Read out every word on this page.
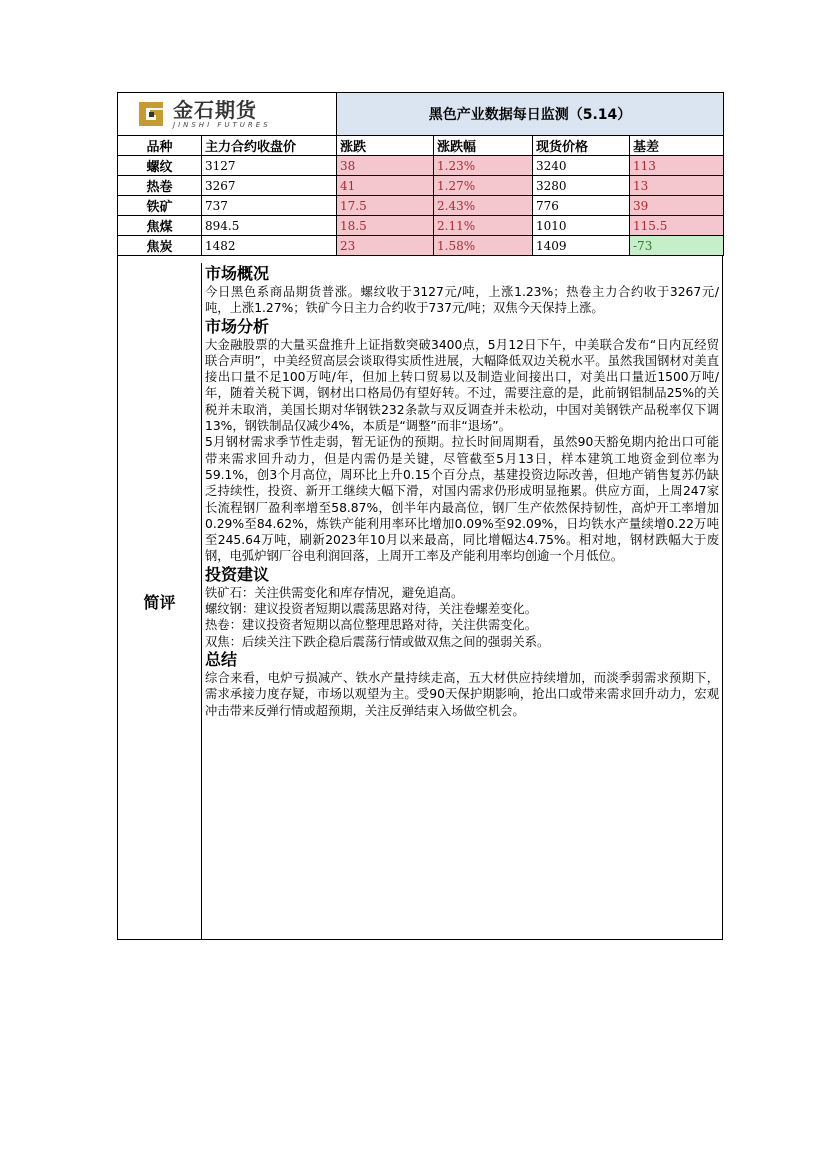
金石期货
JINSHI FUTURES		黑色产业数据每日监测（5.14）			
品种	主力合约收盘价	涨跌	涨跌幅	现货价格	基差
螺纹	3127	38	1.23%	3240	113
热卷	3267	41	1.27%	3280	13
铁矿	737	17.5	2.43%	776	39
焦煤	894.5	18.5	2.11%	1010	115.5
焦炭	1482	23	1.58%	1409	-73
简评
市场概况

今日黑色系商品期货普涨。螺纹收于3127元/吨，上涨1.23%；热卷主力合约收于3267元/吨，上涨1.27%；铁矿今日主力合约收于737元/吨；双焦今天保持上涨。

市场分析

大金融股票的大量买盘推升上证指数突破3400点，5月12日下午，中美联合发布“日内瓦经贸联合声明”，中美经贸高层会谈取得实质性进展，大幅降低双边关税水平。虽然我国钢材对美直接出口量不足100万吨/年，但加上转口贸易以及制造业间接出口，对美出口量近1500万吨/年，随着关税下调，钢材出口格局仍有望好转。不过，需要注意的是，此前钢铝制品25%的关税并未取消，美国长期对华钢铁232条款与双反调查并未松动，中国对美钢铁产品税率仅下调13%，钢铁制品仅减少4%，本质是“调整”而非“退场”。

5月钢材需求季节性走弱，暂无证伪的预期。拉长时间周期看，虽然90天豁免期内抢出口可能带来需求回升动力，但是内需仍是关键，尽管截至5月13日，样本建筑工地资金到位率为59.1%，创3个月高位，周环比上升0.15个百分点，基建投资边际改善，但地产销售复苏仍缺乏持续性，投资、新开工继续大幅下滑，对国内需求仍形成明显拖累。供应方面，上周247家长流程钢厂盈利率增至58.87%，创半年内最高位，钢厂生产依然保持韧性，高炉开工率增加0.29%至84.62%，炼铁产能利用率环比增加0.09%至92.09%，日均铁水产量续增0.22万吨至245.64万吨，刷新2023年10月以来最高，同比增幅达4.75%。相对地，钢材跌幅大于废钢，电弧炉钢厂谷电利润回落，上周开工率及产能利用率均创逾一个月低位。

投资建议

铁矿石：关注供需变化和库存情况，避免追高。

螺纹钢：建议投资者短期以震荡思路对待，关注卷螺差变化。

热卷：建议投资者短期以高位整理思路对待，关注供需变化。

双焦：后续关注下跌企稳后震荡行情或做双焦之间的强弱关系。

总结

综合来看，电炉亏损减产、铁水产量持续走高，五大材供应持续增加，而淡季弱需求预期下，需求承接力度存疑，市场以观望为主。受90天保护期影响，抢出口或带来需求回升动力，宏观冲击带来反弹行情或超预期，关注反弹结束入场做空机会。
